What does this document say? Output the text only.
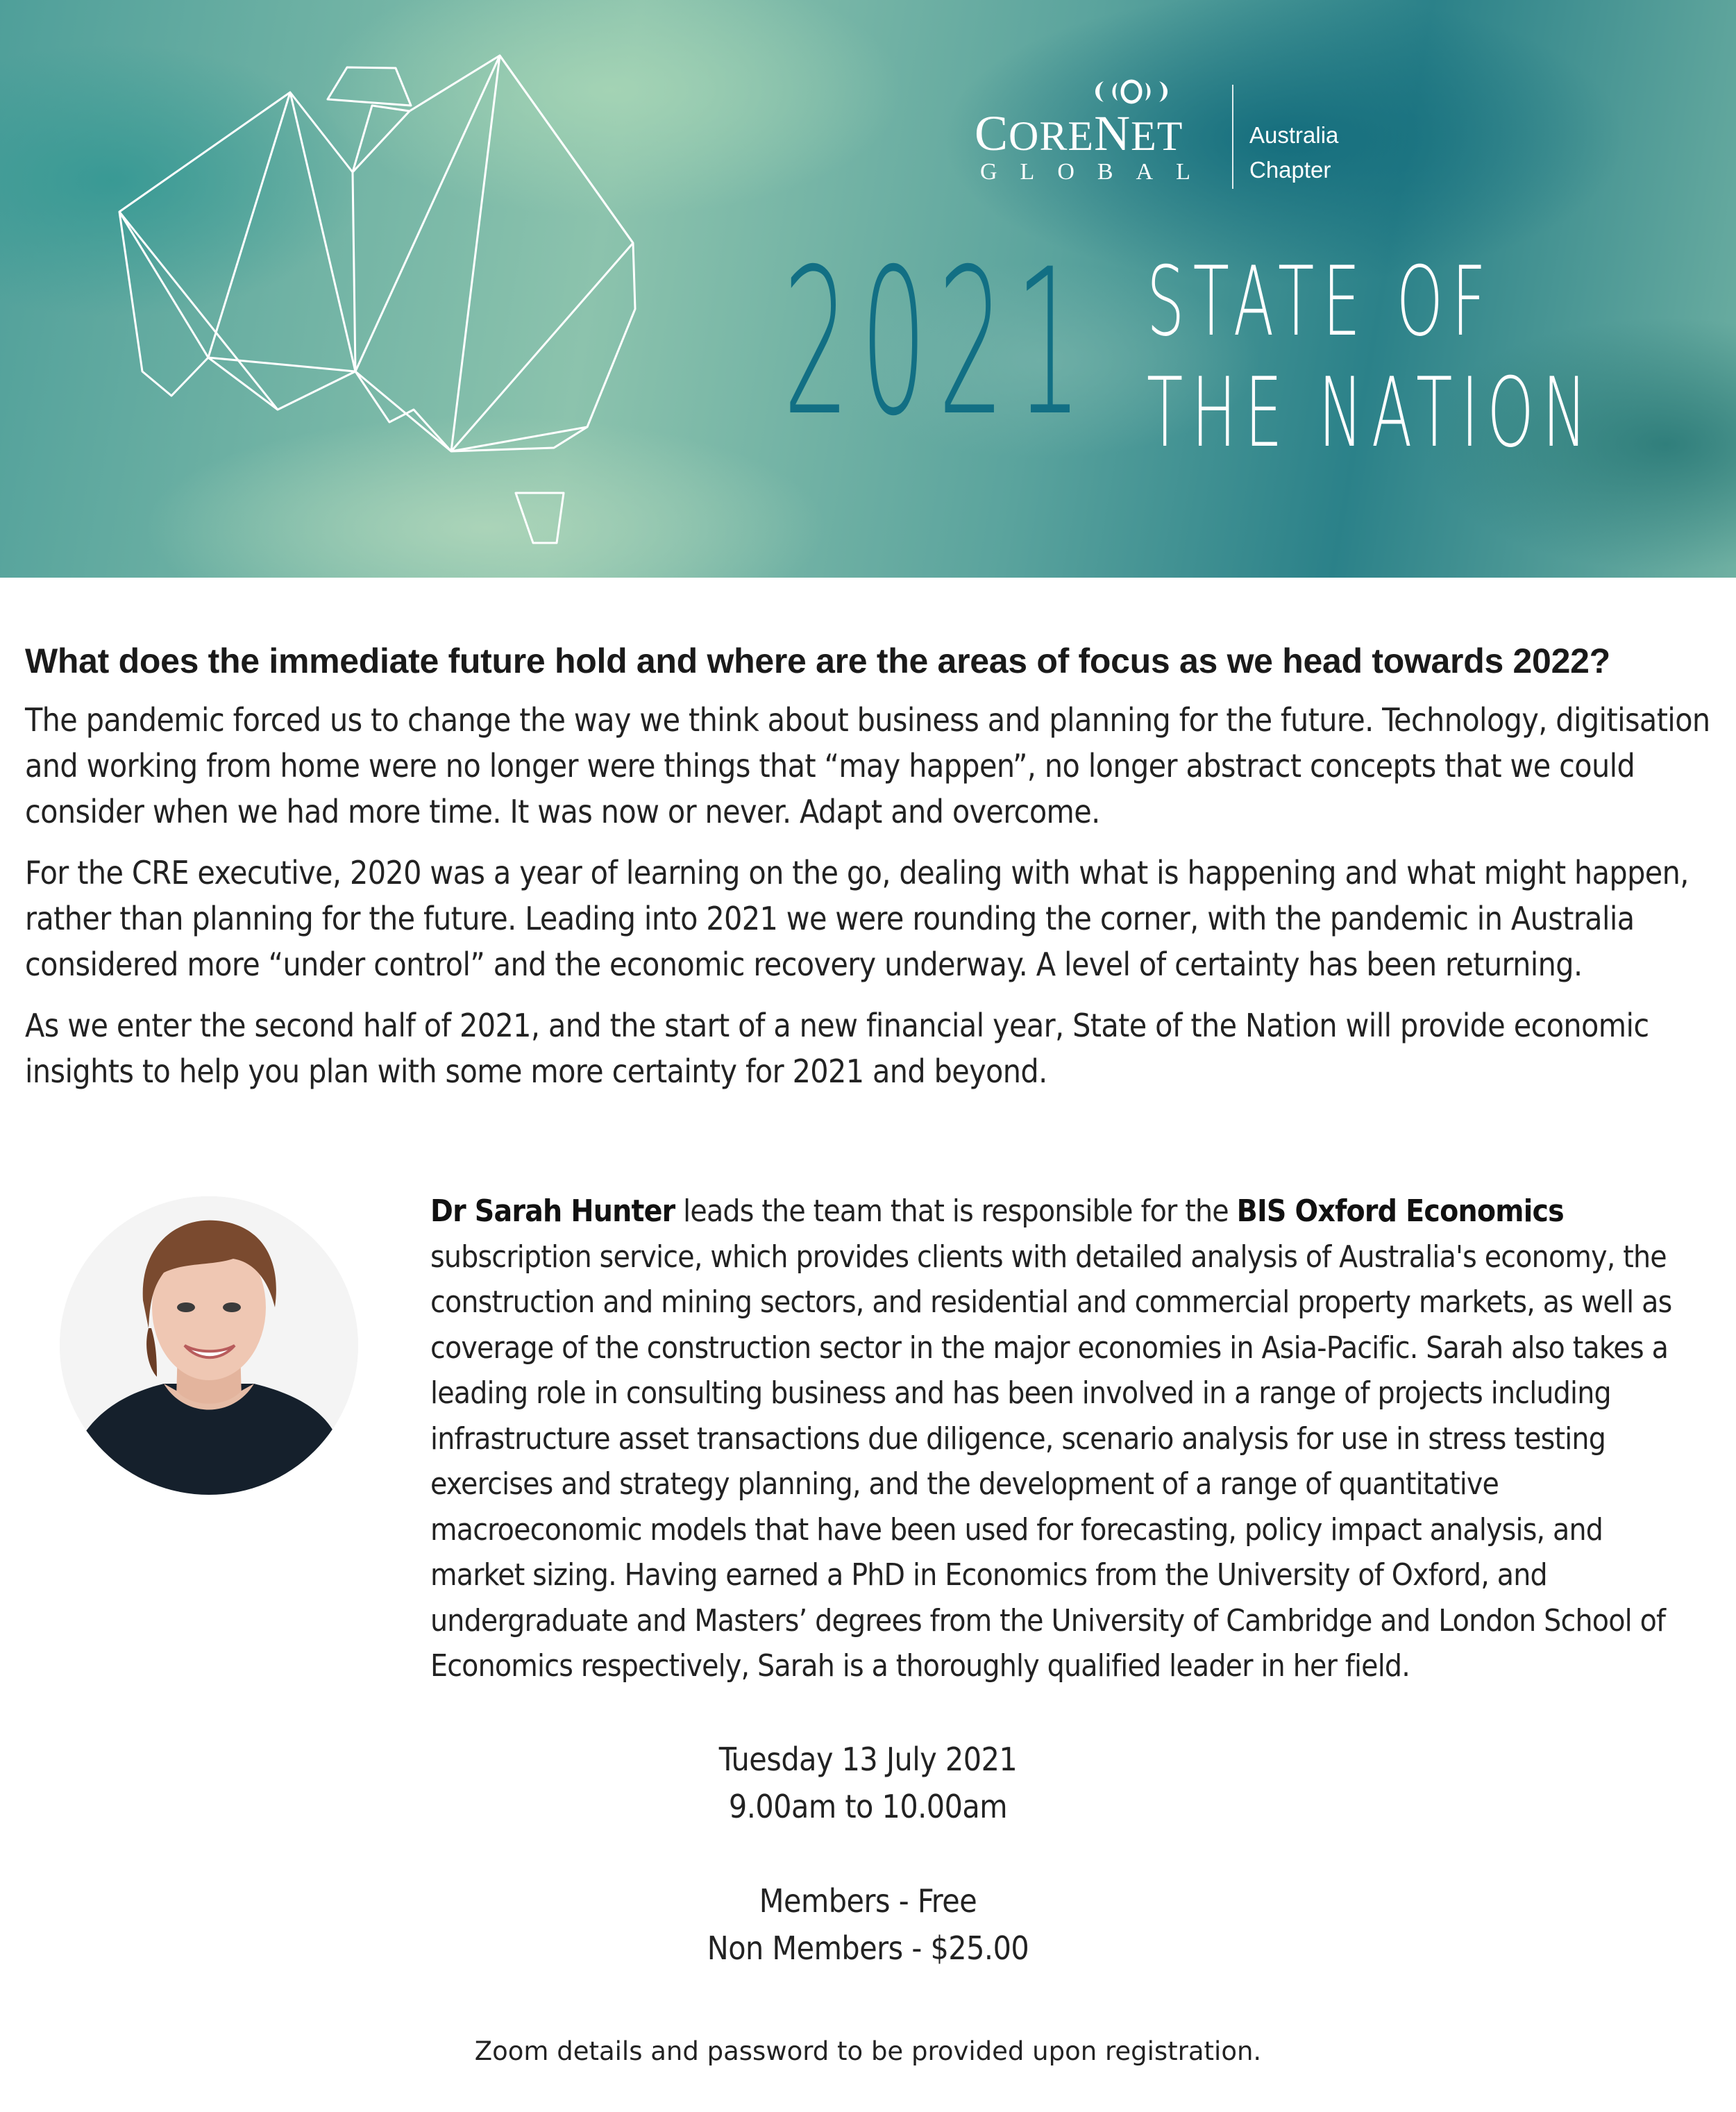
CORENET
GLOBAL
Australia
Chapter
2021 STATE OF
THE NATION

What does the immediate future hold and where are the areas of focus as we head towards 2022?

The pandemic forced us to change the way we think about business and planning for the future. Technology, digitisation and working from home were no longer were things that “may happen”, no longer abstract concepts that we could consider when we had more time. It was now or never. Adapt and overcome.

For the CRE executive, 2020 was a year of learning on the go, dealing with what is happening and what might happen, rather than planning for the future. Leading into 2021 we were rounding the corner, with the pandemic in Australia considered more “under control” and the economic recovery underway. A level of certainty has been returning.

As we enter the second half of 2021, and the start of a new financial year, State of the Nation will provide economic insights to help you plan with some more certainty for 2021 and beyond.

Dr Sarah Hunter leads the team that is responsible for the BIS Oxford Economics subscription service, which provides clients with detailed analysis of Australia's economy, the construction and mining sectors, and residential and commercial property markets, as well as coverage of the construction sector in the major economies in Asia-Pacific. Sarah also takes a leading role in consulting business and has been involved in a range of projects including infrastructure asset transactions due diligence, scenario analysis for use in stress testing exercises and strategy planning, and the development of a range of quantitative macroeconomic models that have been used for forecasting, policy impact analysis, and market sizing. Having earned a PhD in Economics from the University of Oxford, and undergraduate and Masters’ degrees from the University of Cambridge and London School of Economics respectively, Sarah is a thoroughly qualified leader in her field.

Tuesday 13 July 2021

9.00am to 10.00am

Members - Free

Non Members - $25.00

Zoom details and password to be provided upon registration.
